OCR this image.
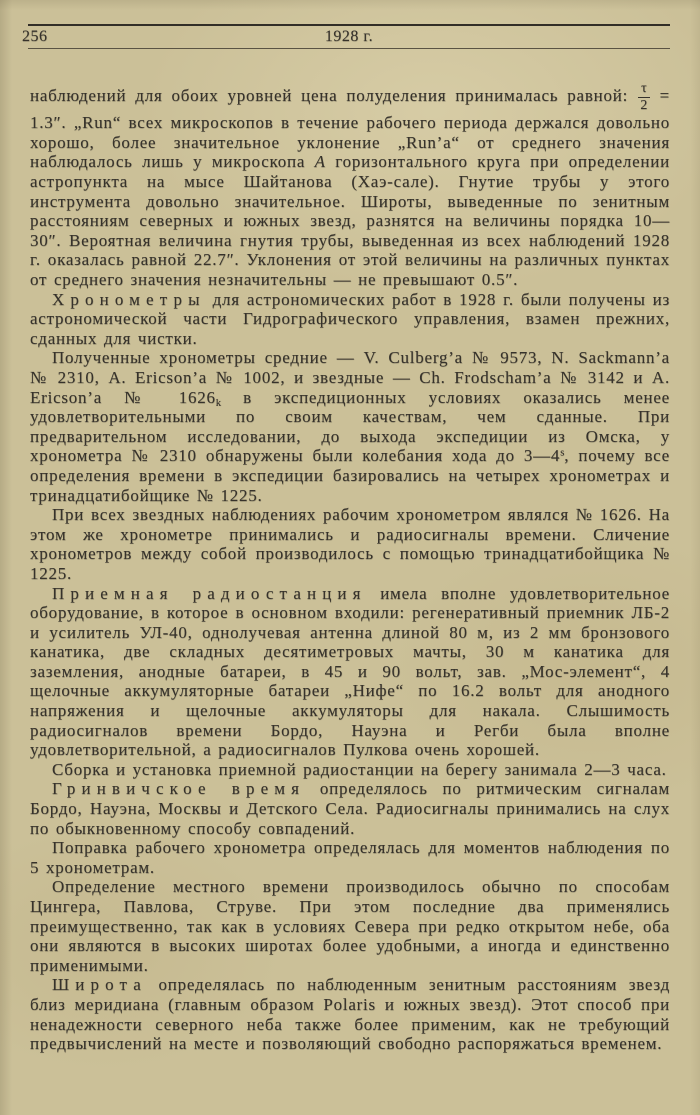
256	1928 г.

наблюдений для обоих уровней цена полуделения принималась равной: $\frac{\tau}{2} = 1.3''$. „Run“ всех микроскопов в течение рабочего периода держался довольно хорошо, более значительное уклонение „Run’а“ от среднего значения наблюдалось лишь у микроскопа А горизонтального круга при определении астропункта на мысе Шайтанова (Хаэ-сале). Гнутие трубы у этого инструмента довольно значительное. Широты, выведенные по зенитным расстояниям северных и южных звезд, разнятся на величины порядка 10—30″. Вероятная величина гнутия трубы, выведенная из всех наблюдений 1928 г. оказалась равной 22.7″. Уклонения от этой величины на различных пунктах от среднего значения незначительны — не превышают 0.5″.

Хронометры для астрономических работ в 1928 г. были получены из астрономической части Гидрографического управления, взамен прежних, сданных для чистки.

Полученные хронометры средние — V. Culberg’а № 9573, N. Sackmann’а № 2310, A. Ericson’а № 1002, и звездные — Ch. Frodscham’а № 3142 и A. Ericson’а № $1626_k$ в экспедиционных условиях оказались менее удовлетворительными по своим качествам, чем сданные. При предварительном исследовании, до выхода экспедиции из Омска, у хронометра № 2310 обнаружены были колебания хода до 3—4$^s$, почему все определения времени в экспедиции базировались на четырех хронометрах и тринадцатибойщике № 1225.

При всех звездных наблюдениях рабочим хронометром являлся № 1626. На этом же хронометре принимались и радиосигналы времени. Сличение хронометров между собой производилось с помощью тринадцатибойщика № 1225.

Приемная радиостанция имела вполне удовлетворительное оборудование, в которое в основном входили: регенеративный приемник ЛБ-2 и усилитель УЛ-40, однолучевая антенна длиной 80 м, из 2 мм бронзового канатика, две складных десятиметровых мачты, 30 м канатика для заземления, анодные батареи, в 45 и 90 вольт, зав. „Мос-элемент“, 4 щелочные аккумуляторные батареи „Нифе“ по 16.2 вольт для анодного напряжения и щелочные аккумуляторы для накала. Слышимость радиосигналов времени Бордо, Науэна и Регби была вполне удовлетворительной, а радиосигналов Пулкова очень хорошей.

Сборка и установка приемной радиостанции на берегу занимала 2—3 часа.

Гринвичское время определялось по ритмическим сигналам Бордо, Науэна, Москвы и Детского Села. Радиосигналы принимались на слух по обыкновенному способу совпадений.

Поправка рабочего хронометра определялась для моментов наблюдения по 5 хронометрам.

Определение местного времени производилось обычно по способам Цингера, Павлова, Струве. При этом последние два применялись преимущественно, так как в условиях Севера при редко открытом небе, оба они являются в высоких широтах более удобными, а иногда и единственно применимыми.

Широта определялась по наблюденным зенитным расстояниям звезд близ меридиана (главным образом Polaris и южных звезд). Этот способ при ненадежности северного неба также более применим, как не требующий предвычислений на месте и позволяющий свободно распоряжаться временем.
